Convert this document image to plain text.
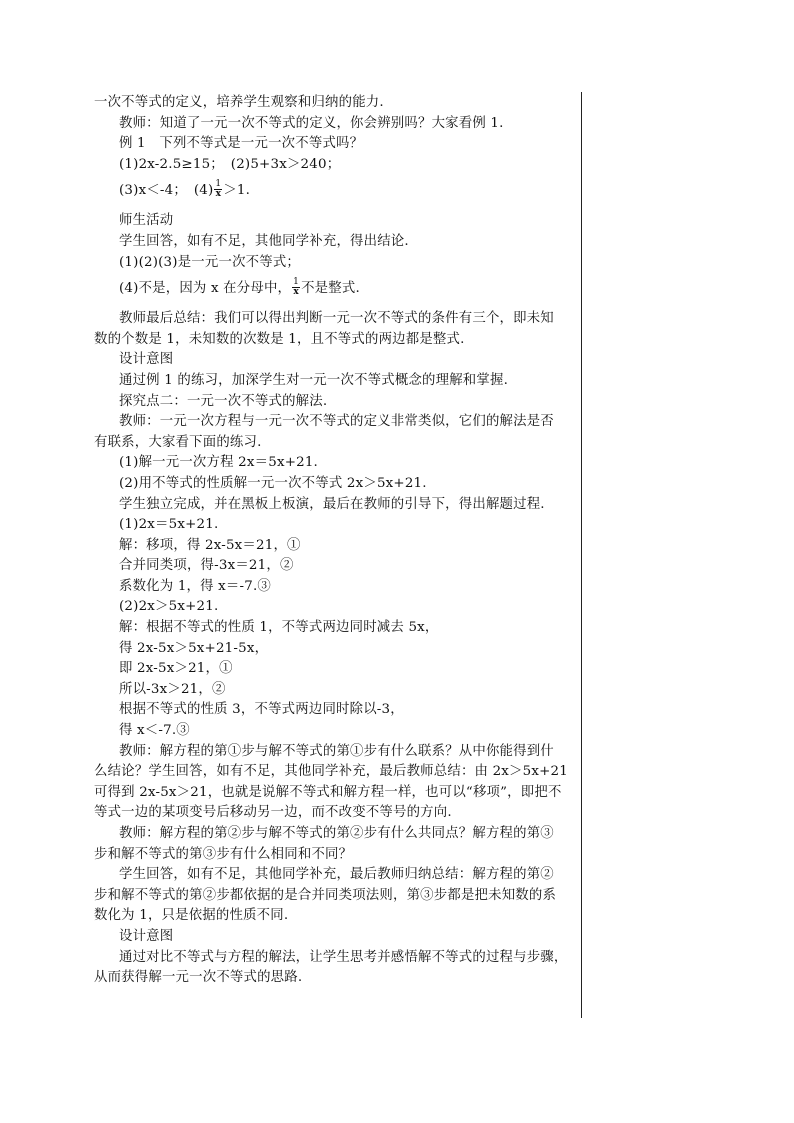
一次不等式的定义，培养学生观察和归纳的能力.
教师：知道了一元一次不等式的定义，你会辨别吗？大家看例 1.
例 1　下列不等式是一元一次不等式吗？
(1)2x-2.5≥15；　(2)5+3x＞240；
(3)x＜-4；　$(4) \frac{1}{x} >1$.
师生活动
学生回答，如有不足，其他同学补充，得出结论.
(1)(2)(3)是一元一次不等式；
(4)不是，因为 x 在分母中， $\frac{1}{x}$ 不是整式.
教师最后总结：我们可以得出判断一元一次不等式的条件有三个，即未知
数的个数是 1，未知数的次数是 1，且不等式的两边都是整式.
设计意图
通过例 1 的练习，加深学生对一元一次不等式概念的理解和掌握.
探究点二：一元一次不等式的解法.
教师：一元一次方程与一元一次不等式的定义非常类似，它们的解法是否
有联系，大家看下面的练习.
(1)解一元一次方程 2x＝5x+21.
(2)用不等式的性质解一元一次不等式 2x＞5x+21.
学生独立完成，并在黑板上板演，最后在教师的引导下，得出解题过程.
(1)2x＝5x+21.
解：移项，得 2x-5x＝21，①
合并同类项，得-3x＝21，②
系数化为 1，得 x＝-7.③
(2)2x＞5x+21.
解：根据不等式的性质 1，不等式两边同时减去 5x，
得 2x-5x＞5x+21-5x，
即 2x-5x＞21，①
所以-3x＞21，②
根据不等式的性质 3，不等式两边同时除以-3，
得 x＜-7.③
教师：解方程的第①步与解不等式的第①步有什么联系？从中你能得到什
么结论？学生回答，如有不足，其他同学补充，最后教师总结：由 2x＞5x+21
可得到 2x-5x＞21，也就是说解不等式和解方程一样，也可以“移项”，即把不
等式一边的某项变号后移动另一边，而不改变不等号的方向.
教师：解方程的第②步与解不等式的第②步有什么共同点？解方程的第③
步和解不等式的第③步有什么相同和不同？
学生回答，如有不足，其他同学补充，最后教师归纳总结：解方程的第②
步和解不等式的第②步都依据的是合并同类项法则，第③步都是把未知数的系
数化为 1，只是依据的性质不同.
设计意图
通过对比不等式与方程的解法，让学生思考并感悟解不等式的过程与步骤，
从而获得解一元一次不等式的思路.
